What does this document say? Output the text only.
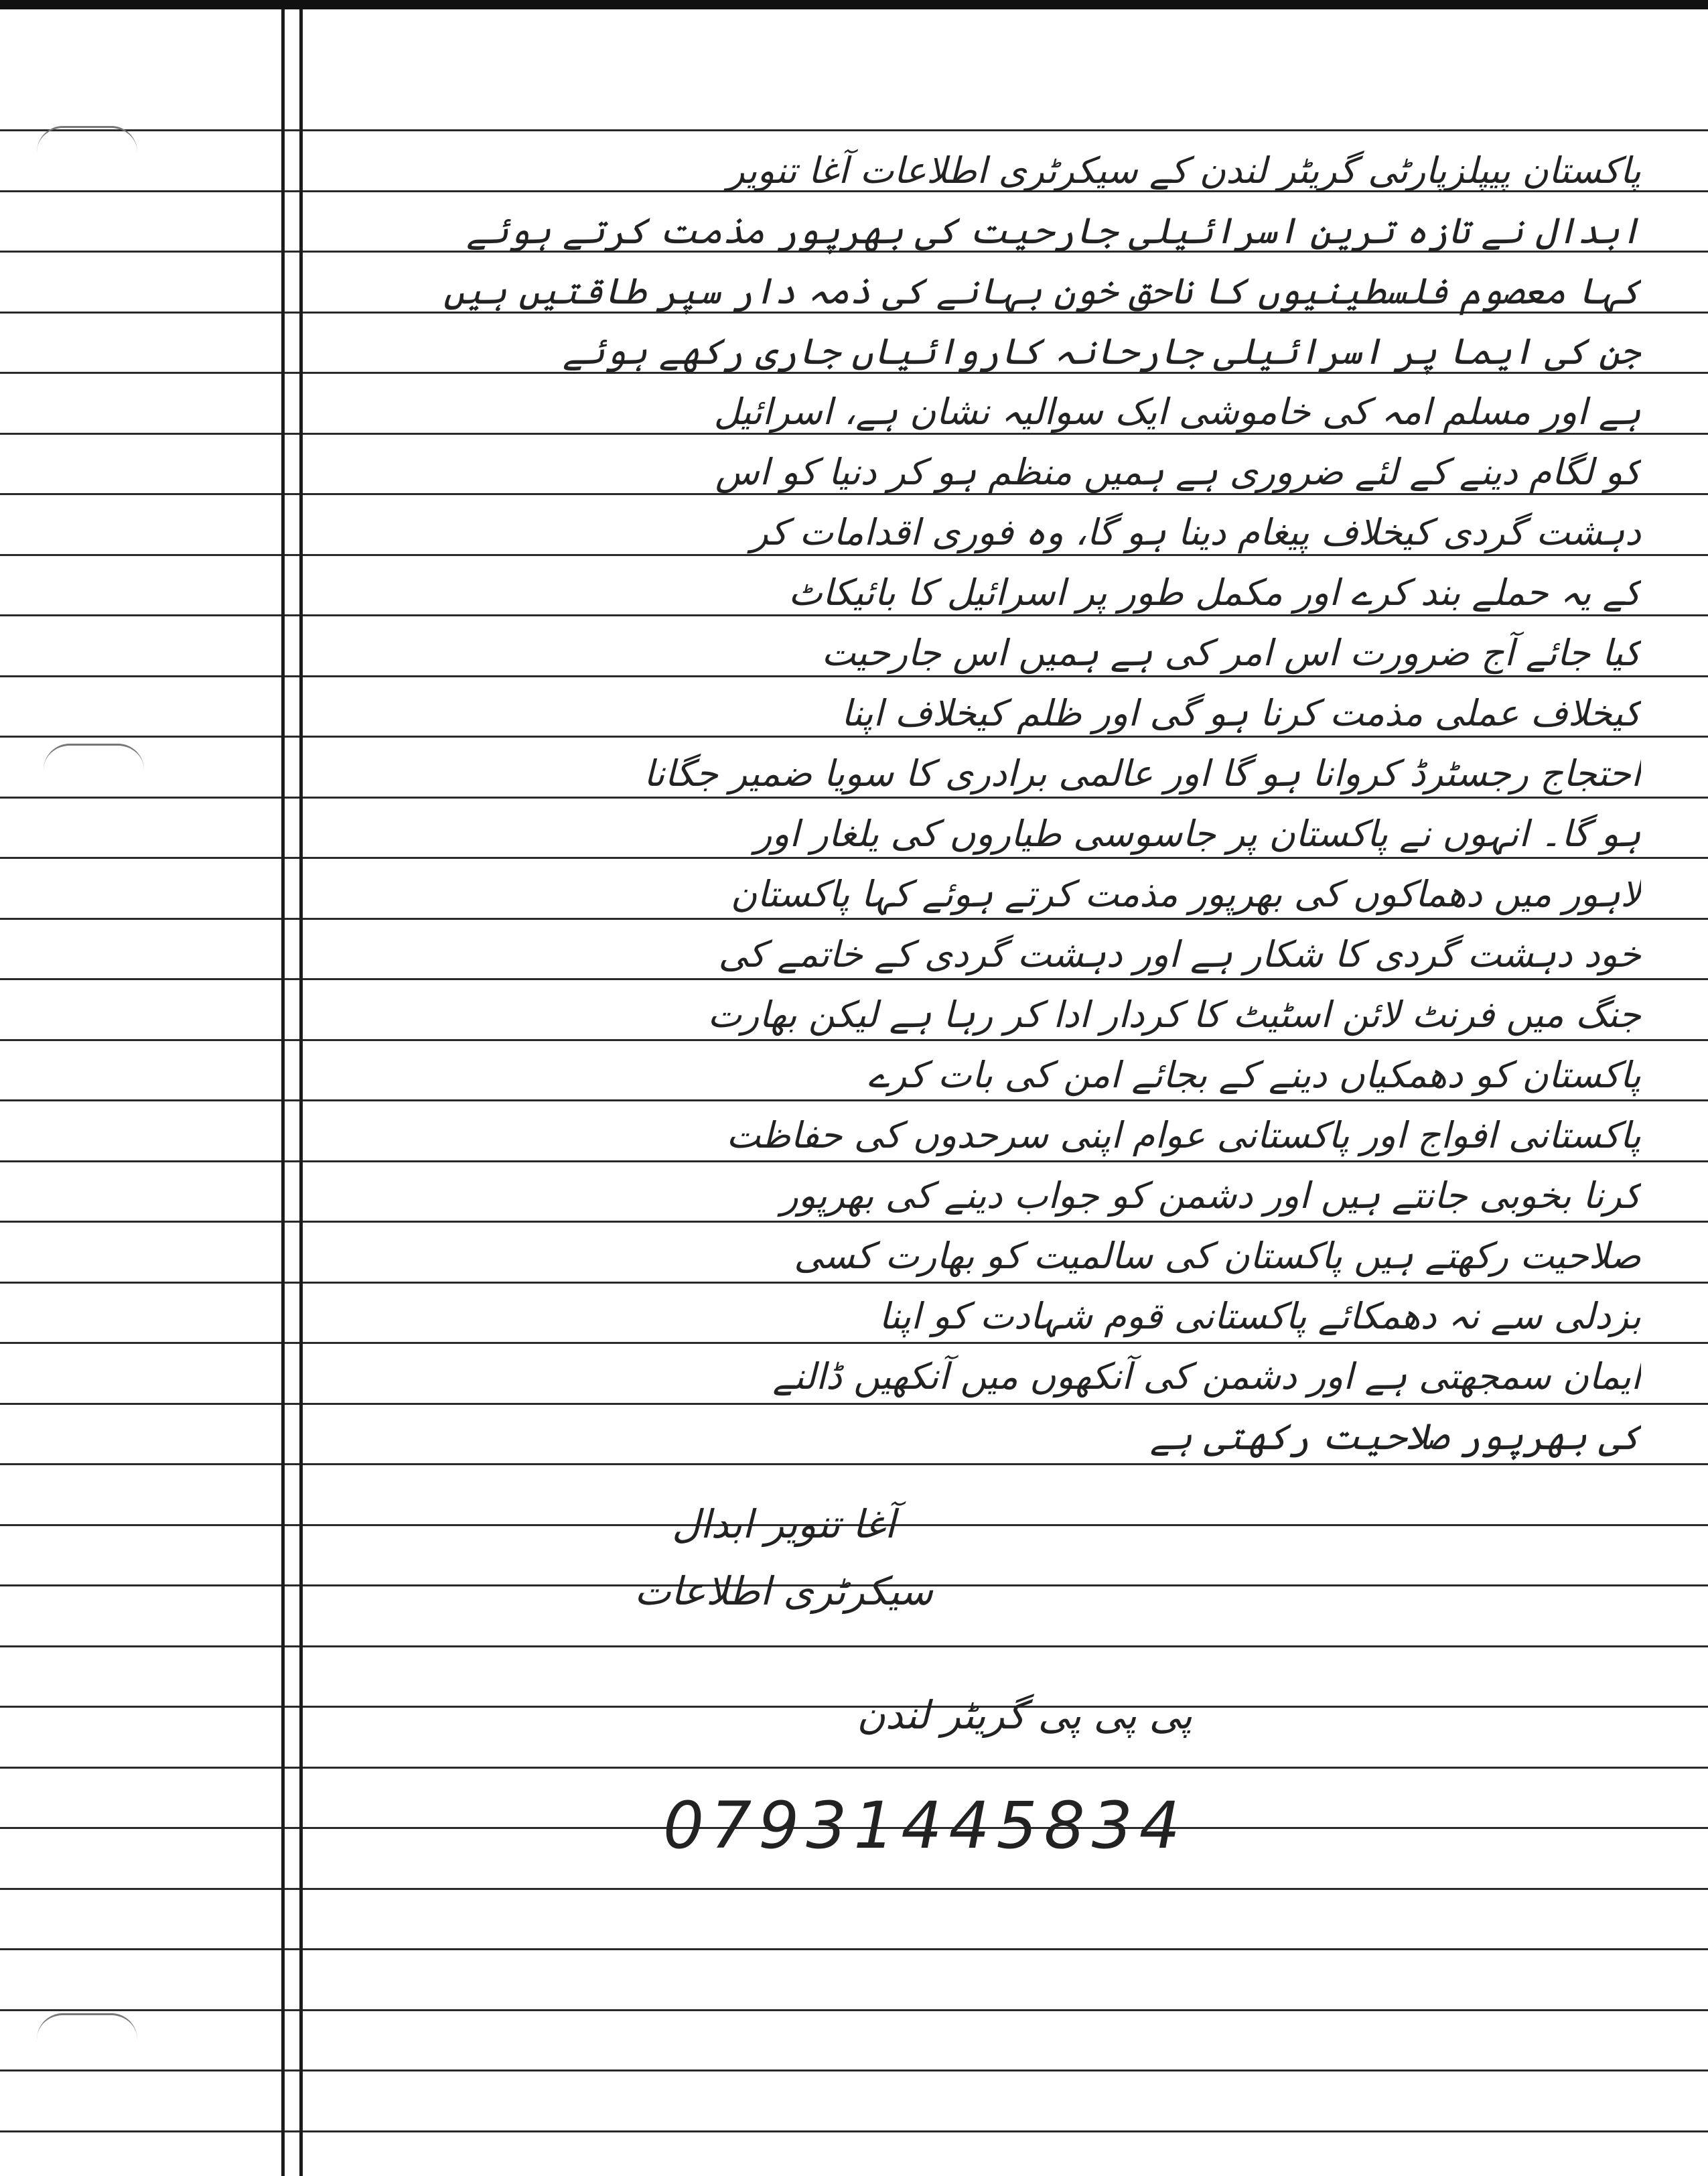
پاکستان پیپلزپارٹی گریٹر لندن کے سیکرٹری اطلاعات آغا تنویر
ابدال نے تازہ ترین اسرائیلی جارحیت کی بھرپور مذمت کرتے ہوئے
کہا معصوم فلسطینیوں کا ناحق خون بہانے کی ذمہ دار سپر طاقتیں ہیں
جن کی ایما پر اسرائیلی جارحانہ کاروائیاں جاری رکھے ہوئے
ہے اور مسلم امہ کی خاموشی ایک سوالیہ نشان ہے، اسرائیل
کو لگام دینے کے لئے ضروری ہے ہمیں منظم ہو کر دنیا کو اس
دہشت گردی کیخلاف پیغام دینا ہو گا، وہ فوری اقدامات کر
کے یہ حملے بند کرے اور مکمل طور پر اسرائیل کا بائیکاٹ
کیا جائے آج ضرورت اس امر کی ہے ہمیں اس جارحیت
کیخلاف عملی مذمت کرنا ہو گی اور ظلم کیخلاف اپنا
احتجاج رجسٹرڈ کروانا ہو گا اور عالمی برادری کا سویا ضمیر جگانا
ہو گا۔ انہوں نے پاکستان پر جاسوسی طیاروں کی یلغار اور
لاہور میں دھماکوں کی بھرپور مذمت کرتے ہوئے کہا پاکستان
خود دہشت گردی کا شکار ہے اور دہشت گردی کے خاتمے کی
جنگ میں فرنٹ لائن اسٹیٹ کا کردار ادا کر رہا ہے لیکن بھارت
پاکستان کو دھمکیاں دینے کے بجائے امن کی بات کرے
پاکستانی افواج اور پاکستانی عوام اپنی سرحدوں کی حفاظت
کرنا بخوبی جانتے ہیں اور دشمن کو جواب دینے کی بھرپور
صلاحیت رکھتے ہیں پاکستان کی سالمیت کو بھارت کسی
بزدلی سے نہ دھمکائے پاکستانی قوم شہادت کو اپنا
ایمان سمجھتی ہے اور دشمن کی آنکھوں میں آنکھیں ڈالنے
کی بھرپور صلاحیت رکھتی ہے
آغا تنویر ابدال
سیکرٹری اطلاعات
پی پی پی گریٹر لندن
07931445834
